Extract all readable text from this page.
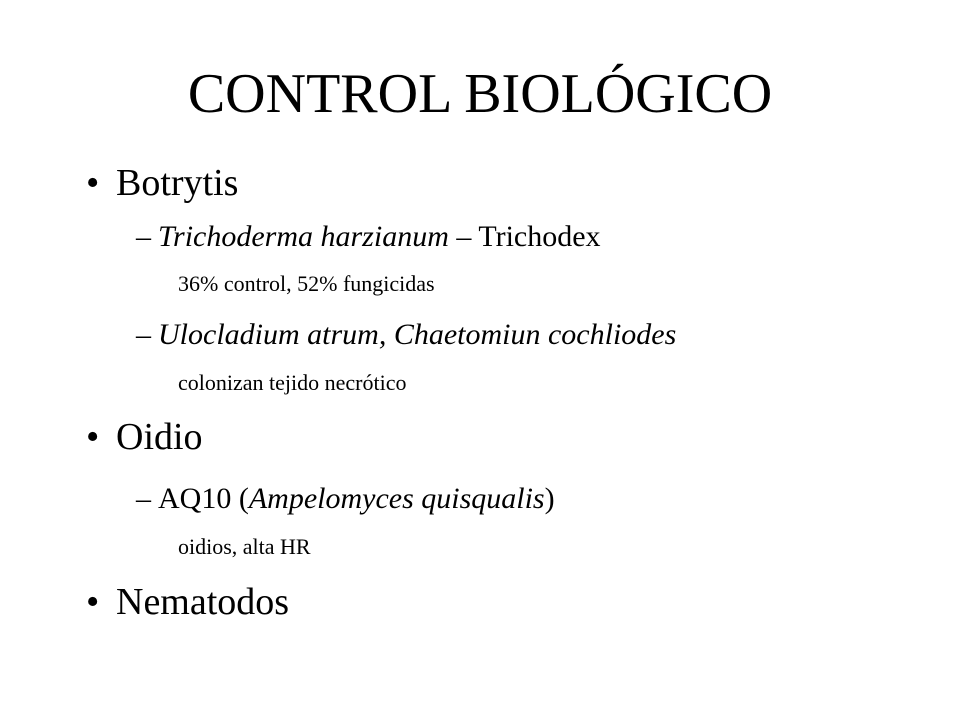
CONTROL BIOLÓGICO
• Botrytis
– Trichoderma harzianum – Trichodex
36% control, 52% fungicidas
– Ulocladium atrum, Chaetomiun cochliodes
colonizan tejido necrótico
• Oidio
– AQ10 (Ampelomyces quisqualis)
oidios, alta HR
• Nematodos
